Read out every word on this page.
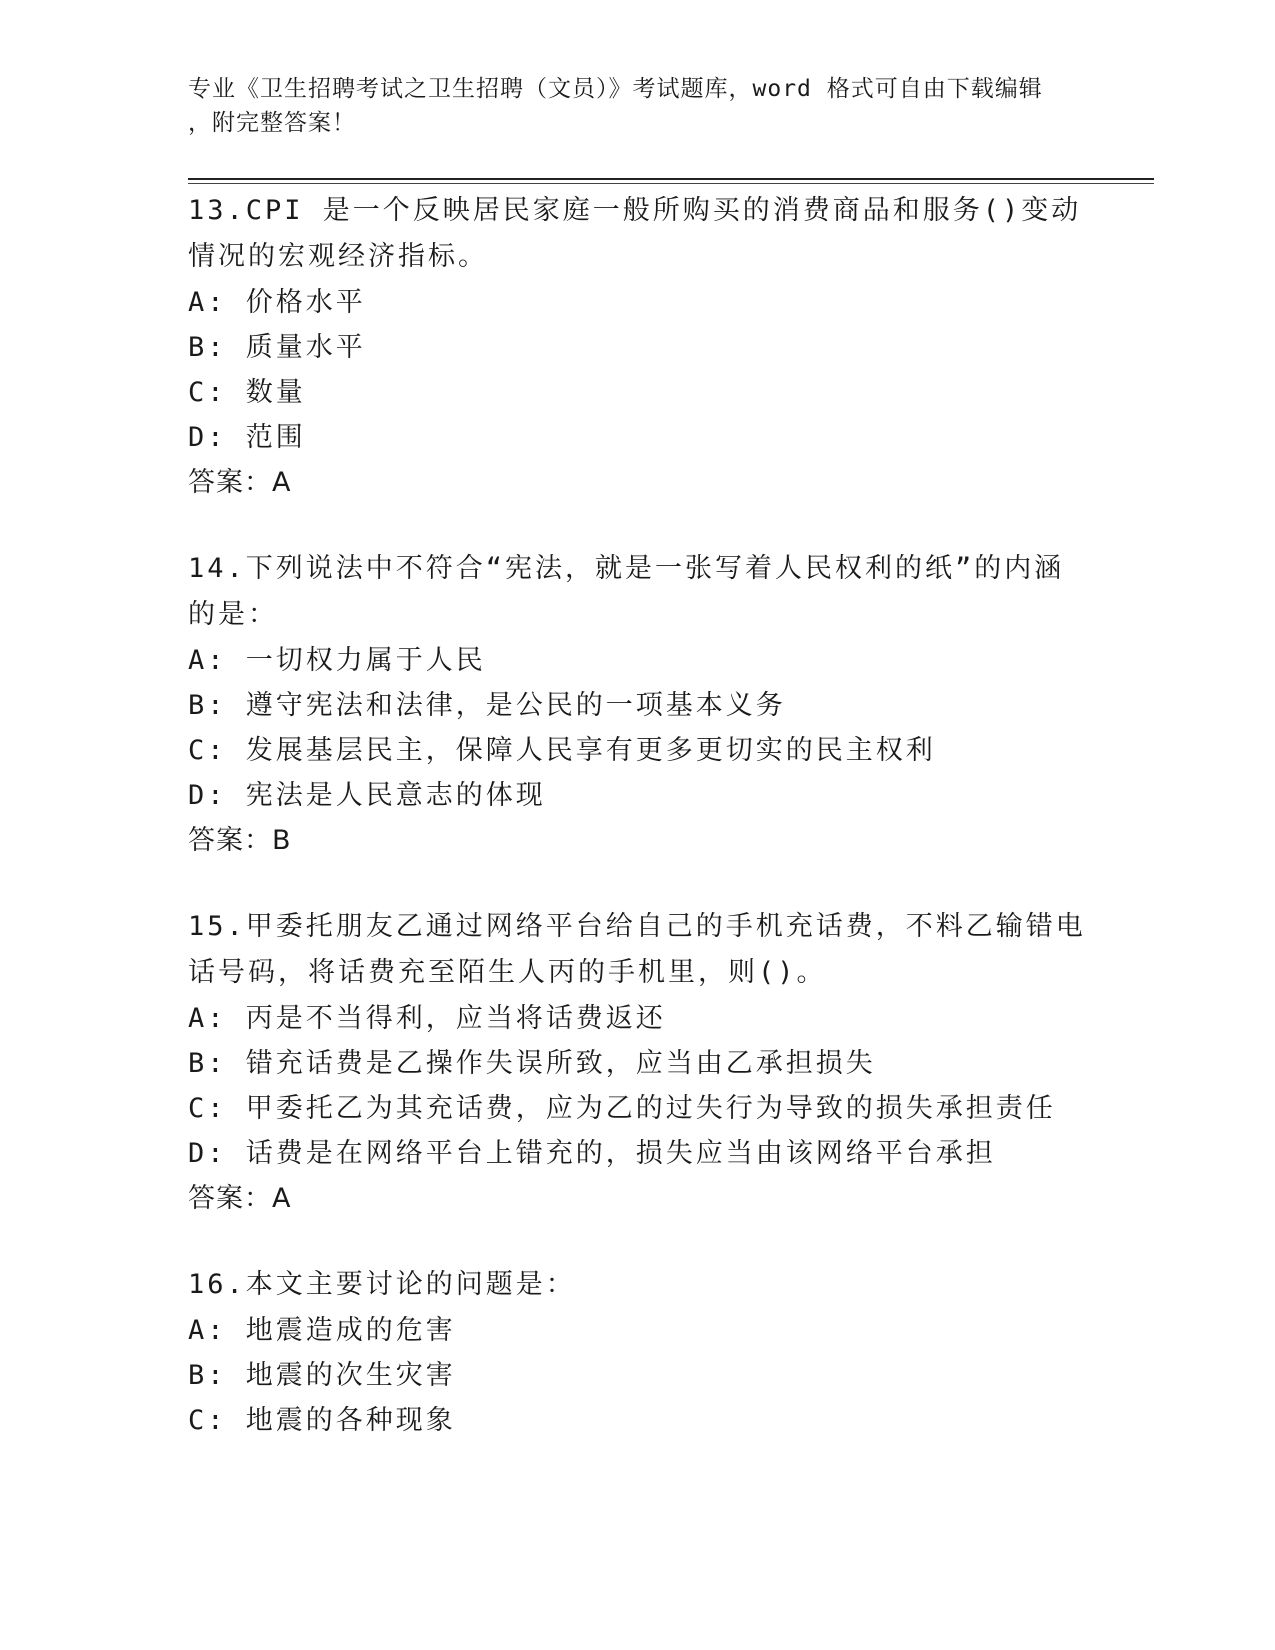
专业《卫生招聘考试之卫生招聘（文员）》考试题库，word 格式可自由下载编辑
，附完整答案！

13.CPI 是一个反映居民家庭一般所购买的消费商品和服务()变动情况的宏观经济指标。

A: 价格水平

B: 质量水平

C: 数量

D: 范围

答案：A

14.下列说法中不符合“宪法，就是一张写着人民权利的纸”的内涵的是：

A: 一切权力属于人民

B: 遵守宪法和法律，是公民的一项基本义务

C: 发展基层民主，保障人民享有更多更切实的民主权利

D: 宪法是人民意志的体现

答案：B

15.甲委托朋友乙通过网络平台给自己的手机充话费，不料乙输错电话号码，将话费充至陌生人丙的手机里，则()。

A: 丙是不当得利，应当将话费返还

B: 错充话费是乙操作失误所致，应当由乙承担损失

C: 甲委托乙为其充话费，应为乙的过失行为导致的损失承担责任

D: 话费是在网络平台上错充的，损失应当由该网络平台承担

答案：A

16.本文主要讨论的问题是：

A: 地震造成的危害

B: 地震的次生灾害

C: 地震的各种现象
